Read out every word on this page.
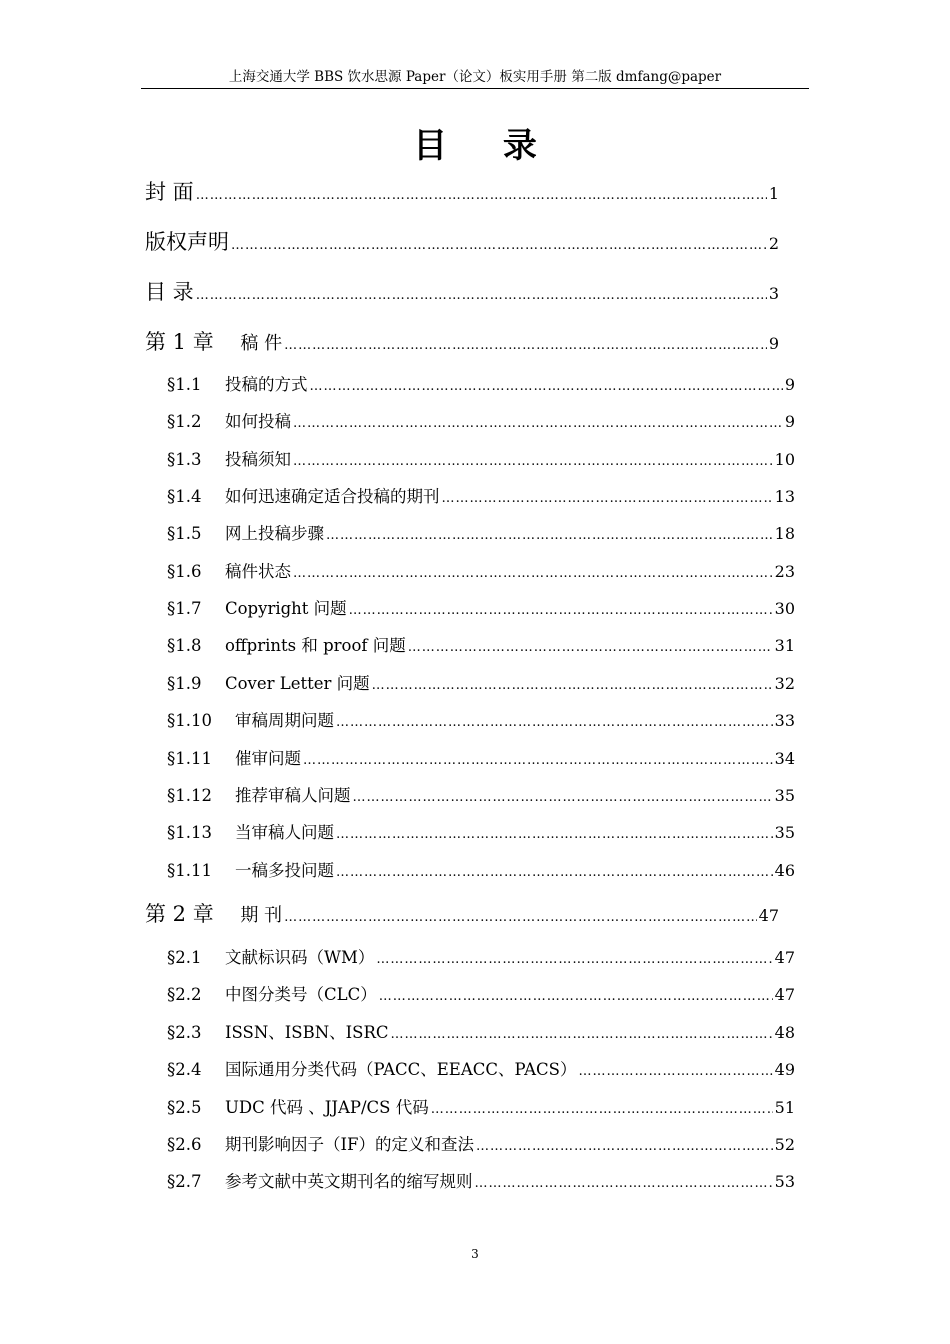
上海交通大学 BBS 饮水思源 Paper（论文）板实用手册 第二版 dmfang@paper
目 录
封 面 ……………………………………………………………………………………………………………………………………………………………………………………	1
版权声明 ……………………………………………………………………………………………………………………………………………………………………………………	2
目 录 ……………………………………………………………………………………………………………………………………………………………………………………	3
第 1 章 稿 件 ……………………………………………………………………………………………………………………………………………………………………………………	9
§1.1 投稿的方式 ……………………………………………………………………………………………………………………………………………………………………………………	9
§1.2 如何投稿 ……………………………………………………………………………………………………………………………………………………………………………………	9
§1.3 投稿须知 ……………………………………………………………………………………………………………………………………………………………………………………	10
§1.4 如何迅速确定适合投稿的期刊 ……………………………………………………………………………………………………………………………………………………………………………………	13
§1.5 网上投稿步骤 ……………………………………………………………………………………………………………………………………………………………………………………	18
§1.6 稿件状态 ……………………………………………………………………………………………………………………………………………………………………………………	23
§1.7 Copyright 问题 ……………………………………………………………………………………………………………………………………………………………………………………	30
§1.8 offprints 和 proof 问题 ……………………………………………………………………………………………………………………………………………………………………………………	31
§1.9 Cover Letter 问题 ……………………………………………………………………………………………………………………………………………………………………………………	32
§1.10 审稿周期问题 ……………………………………………………………………………………………………………………………………………………………………………………	33
§1.11 催审问题 ……………………………………………………………………………………………………………………………………………………………………………………	34
§1.12 推荐审稿人问题 ……………………………………………………………………………………………………………………………………………………………………………………	35
§1.13 当审稿人问题 ……………………………………………………………………………………………………………………………………………………………………………………	35
§1.11 一稿多投问题 ……………………………………………………………………………………………………………………………………………………………………………………	46
第 2 章 期 刊 ……………………………………………………………………………………………………………………………………………………………………………………	47
§2.1 文献标识码（WM） ……………………………………………………………………………………………………………………………………………………………………………………	47
§2.2 中图分类号（CLC） ……………………………………………………………………………………………………………………………………………………………………………………	47
§2.3 ISSN、ISBN、ISRC ……………………………………………………………………………………………………………………………………………………………………………………	48
§2.4 国际通用分类代码（PACC、EEACC、PACS） ……………………………………………………………………………………………………………………………………………………………………………………	49
§2.5 UDC 代码 、JJAP/CS 代码 ……………………………………………………………………………………………………………………………………………………………………………………	51
§2.6 期刊影响因子（IF）的定义和查法 ……………………………………………………………………………………………………………………………………………………………………………………	52
§2.7 参考文献中英文期刊名的缩写规则 ……………………………………………………………………………………………………………………………………………………………………………………	53
3
